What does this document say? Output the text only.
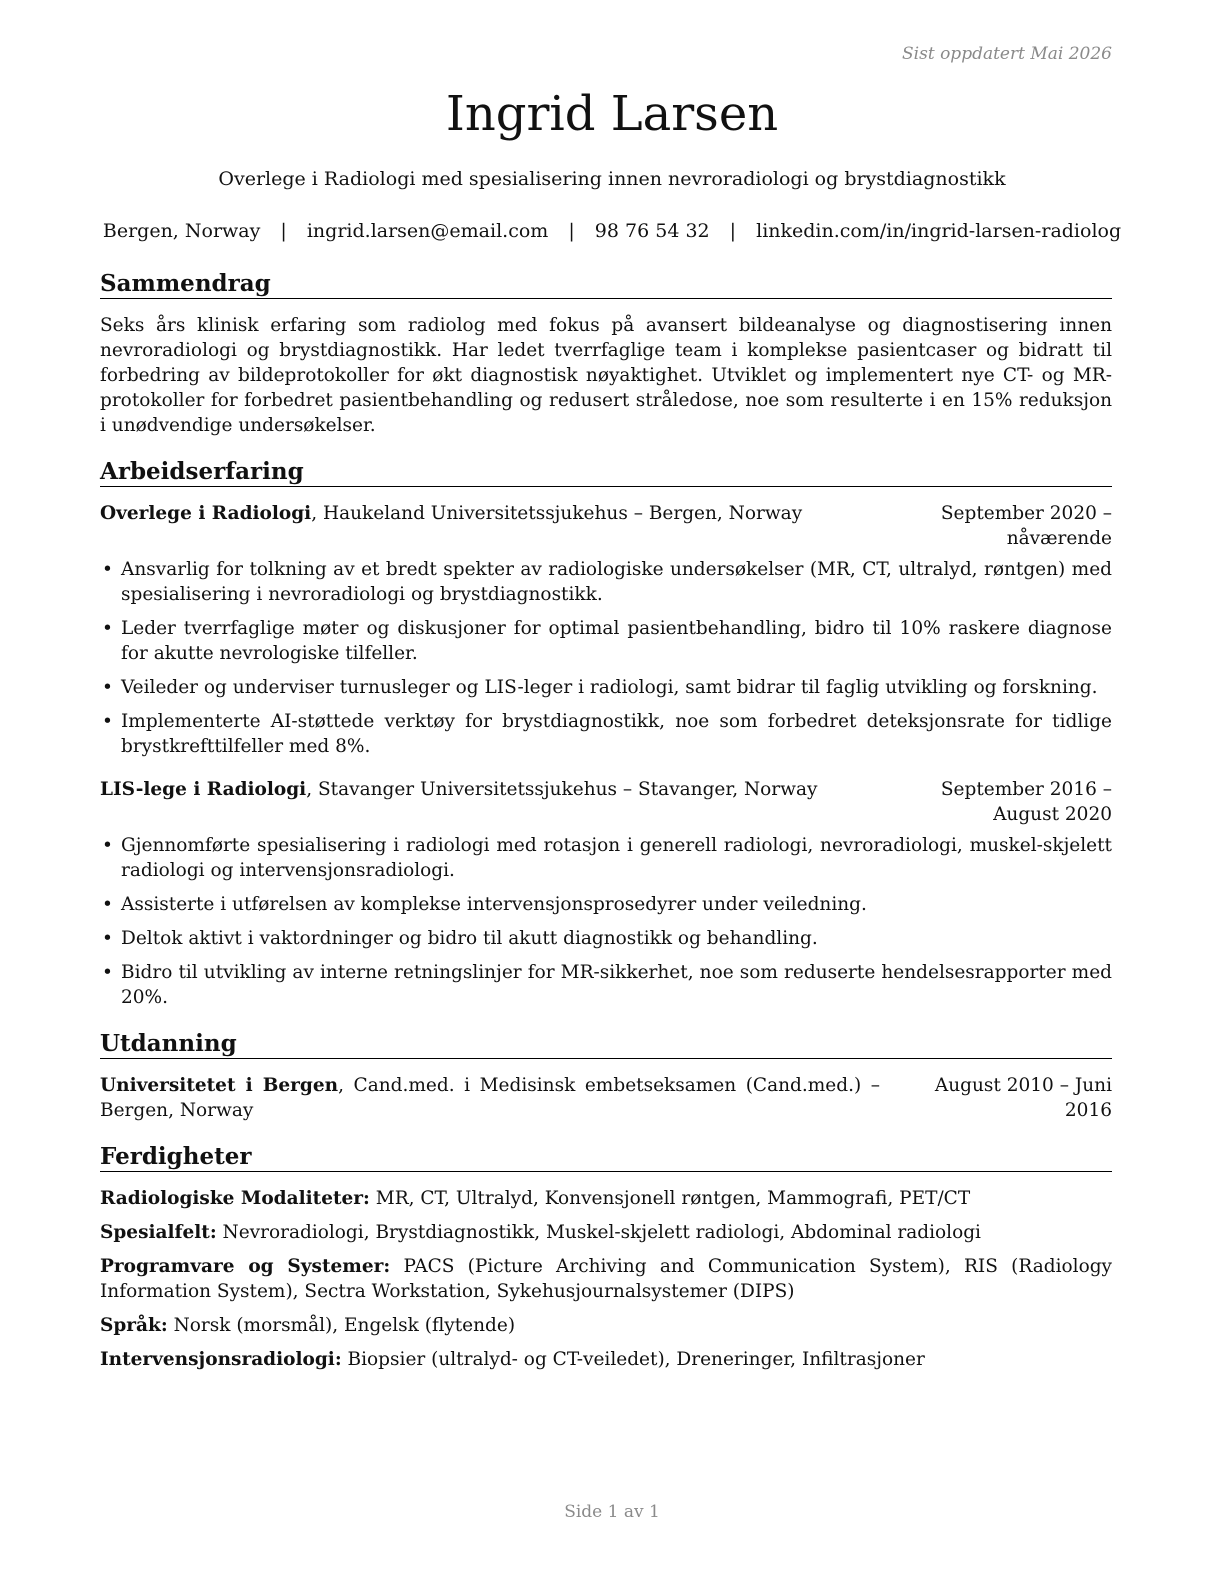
Sist oppdatert Mai 2026
Ingrid Larsen
Overlege i Radiologi med spesialisering innen nevroradiologi og brystdiagnostikk
Bergen, Norway | ingrid.larsen@email.com | 98 76 54 32 | linkedin.com/in/ingrid-larsen-radiolog
Sammendrag

Seks års klinisk erfaring som radiolog med fokus på avansert bildeanalyse og diagnostisering innen nevroradiologi og brystdiagnostikk. Har ledet tverrfaglige team i komplekse pasientcaser og bidratt til forbedring av bildeprotokoller for økt diagnostisk nøyaktighet. Utviklet og implementert nye CT- og MR-protokoller for forbedret pasientbehandling og redusert stråledose, noe som resulterte i en 15% reduksjon i unødvendige undersøkelser.

Arbeidserfaring
Overlege i Radiologi, Haukeland Universitetssjukehus – Bergen, Norway	September 2020 – nåværende
• Ansvarlig for tolkning av et bredt spekter av radiologiske undersøkelser (MR, CT, ultralyd, røntgen) med spesialisering i nevroradiologi og brystdiagnostikk.
• Leder tverrfaglige møter og diskusjoner for optimal pasientbehandling, bidro til 10% raskere diagnose for akutte nevrologiske tilfeller.
• Veileder og underviser turnusleger og LIS-leger i radiologi, samt bidrar til faglig utvikling og forskning.
• Implementerte AI-støttede verktøy for brystdiagnostikk, noe som forbedret deteksjonsrate for tidlige brystkrefttilfeller med 8%.
LIS-lege i Radiologi, Stavanger Universitetssjukehus – Stavanger, Norway	September 2016 – August 2020
• Gjennomførte spesialisering i radiologi med rotasjon i generell radiologi, nevroradiologi, muskel-skjelett radiologi og intervensjonsradiologi.
• Assisterte i utførelsen av komplekse intervensjonsprosedyrer under veiledning.
• Deltok aktivt i vaktordninger og bidro til akutt diagnostikk og behandling.
• Bidro til utvikling av interne retningslinjer for MR-sikkerhet, noe som reduserte hendelsesrapporter med 20%.
Utdanning
Universitetet i Bergen, Cand.med. i Medisinsk embetseksamen (Cand.med.) – Bergen, Norway
August 2010 – Juni 2016
Ferdigheter
Radiologiske Modaliteter: MR, CT, Ultralyd, Konvensjonell røntgen, Mammografi, PET/CT
Spesialfelt: Nevroradiologi, Brystdiagnostikk, Muskel-skjelett radiologi, Abdominal radiologi
Programvare og Systemer: PACS (Picture Archiving and Communication System), RIS (Radiology Information System), Sectra Workstation, Sykehusjournalsystemer (DIPS)
Språk: Norsk (morsmål), Engelsk (flytende)
Intervensjonsradiologi: Biopsier (ultralyd- og CT-veiledet), Dreneringer, Infiltrasjoner
Side 1 av 1
